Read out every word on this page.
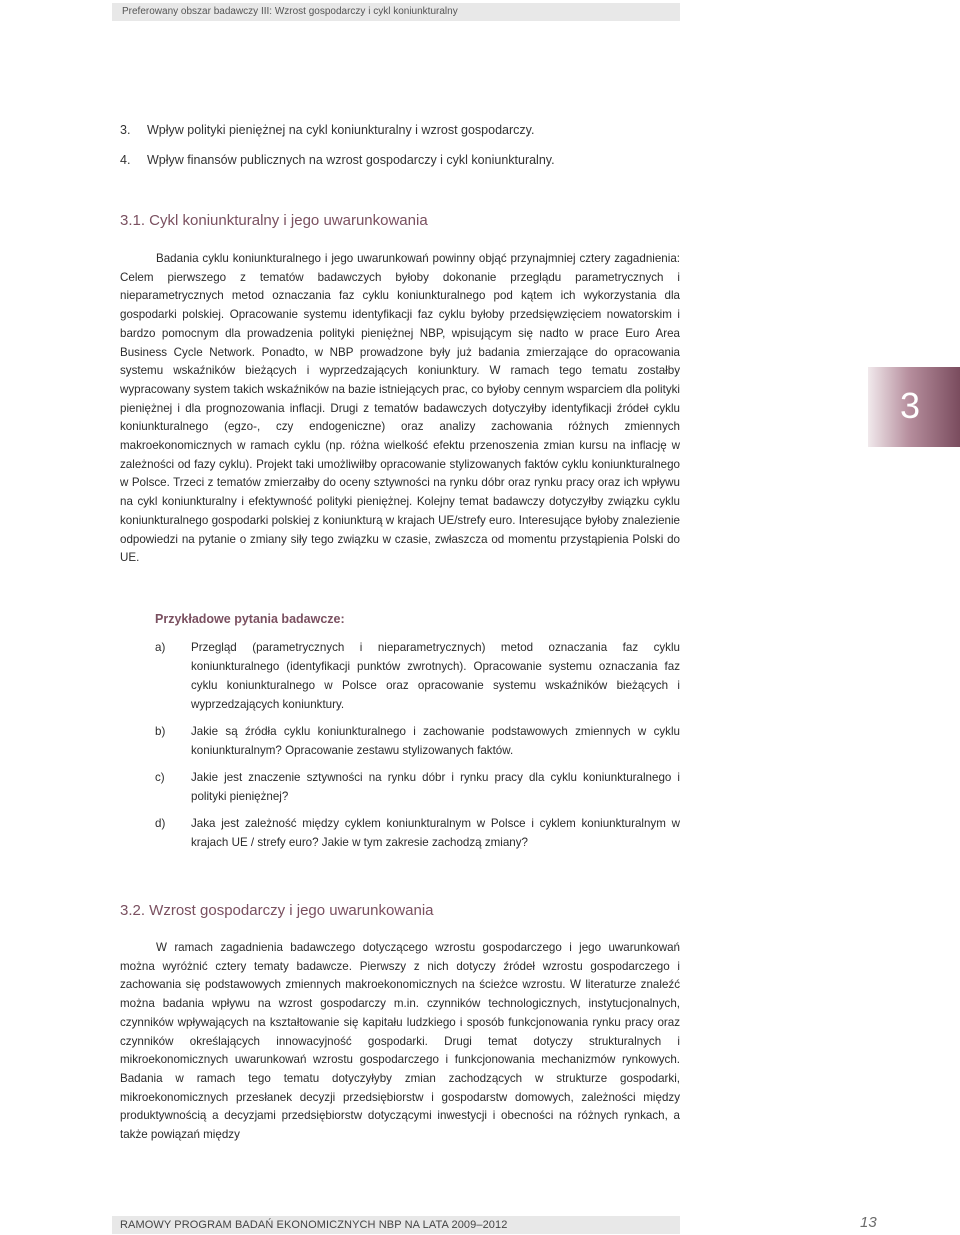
Preferowany obszar badawczy III: Wzrost gospodarczy i cykl koniunkturalny
3.	Wpływ polityki pieniężnej na cykl koniunkturalny i wzrost gospodarczy.
4.	Wpływ finansów publicznych na wzrost gospodarczy i cykl koniunkturalny.
3.1. Cykl koniunkturalny i jego uwarunkowania

Badania cyklu koniunkturalnego i jego uwarunkowań powinny objąć przynajmniej cztery zagadnienia: Celem pierwszego z tematów badawczych byłoby dokonanie przeglądu parametrycznych i nieparametrycznych metod oznaczania faz cyklu koniunkturalnego pod kątem ich wykorzystania dla gospodarki polskiej. Opracowanie systemu identyfikacji faz cyklu byłoby przedsięwzięciem nowatorskim i bardzo pomocnym dla prowadzenia polityki pieniężnej NBP, wpisującym się nadto w prace Euro Area Business Cycle Network. Ponadto, w NBP prowadzone były już badania zmierzające do opracowania systemu wskaźników bieżących i wyprzedzających koniunktury. W ramach tego tematu zostałby wypracowany system takich wskaźników na bazie istniejących prac, co byłoby cennym wsparciem dla polityki pieniężnej i dla prognozowania inflacji. Drugi z tematów badawczych dotyczyłby identyfikacji źródeł cyklu koniunkturalnego (egzo-, czy endogeniczne) oraz analizy zachowania różnych zmiennych makroekonomicznych w ramach cyklu (np. różna wielkość efektu przenoszenia zmian kursu na inflację w zależności od fazy cyklu). Projekt taki umożliwiłby opracowanie stylizowanych faktów cyklu koniunkturalnego w Polsce. Trzeci z tematów zmierzałby do oceny sztywności na rynku dóbr oraz rynku pracy oraz ich wpływu na cykl koniunkturalny i efektywność polityki pieniężnej. Kolejny temat badawczy dotyczyłby związku cyklu koniunkturalnego gospodarki polskiej z koniunkturą w krajach UE/strefy euro. Interesujące byłoby znalezienie odpowiedzi na pytanie o zmiany siły tego związku w czasie, zwłaszcza od momentu przystąpienia Polski do UE.

Przykładowe pytania badawcze:

a)	Przegląd (parametrycznych i nieparametrycznych) metod oznaczania faz cyklu koniunkturalnego (identyfikacji punktów zwrotnych). Opracowanie systemu oznaczania faz cyklu koniunkturalnego w Polsce oraz opracowanie systemu wskaźników bieżących i wyprzedzających koniunktury.
b)	Jakie są źródła cyklu koniunkturalnego i zachowanie podstawowych zmiennych w cyklu koniunkturalnym? Opracowanie zestawu stylizowanych faktów.
c)	Jakie jest znaczenie sztywności na rynku dóbr i rynku pracy dla cyklu koniunkturalnego i polityki pieniężnej?
d)	Jaka jest zależność między cyklem koniunkturalnym w Polsce i cyklem koniunkturalnym w krajach UE / strefy euro? Jakie w tym zakresie zachodzą zmiany?
3.2. Wzrost gospodarczy i jego uwarunkowania

W ramach zagadnienia badawczego dotyczącego wzrostu gospodarczego i jego uwarunkowań można wyróżnić cztery tematy badawcze. Pierwszy z nich dotyczy źródeł wzrostu gospodarczego i zachowania się podstawowych zmiennych makroekonomicznych na ścieżce wzrostu. W literaturze znaleźć można badania wpływu na wzrost gospodarczy m.in. czynników technologicznych, instytucjonalnych, czynników wpływających na kształtowanie się kapitału ludzkiego i sposób funkcjonowania rynku pracy oraz czynników określających innowacyjność gospodarki. Drugi temat dotyczy strukturalnych i mikroekonomicznych uwarunkowań wzrostu gospodarczego i funkcjonowania mechanizmów rynkowych. Badania w ramach tego tematu dotyczyłyby zmian zachodzących w strukturze gospodarki, mikroekonomicznych przesłanek decyzji przedsiębiorstw i gospodarstw domowych, zależności między produktywnością a decyzjami przedsiębiorstw dotyczącymi inwestycji i obecności na różnych rynkach, a także powiązań między

3
RAMOWY PROGRAM BADAŃ EKONOMICZNYCH NBP NA LATA 2009–2012	13
